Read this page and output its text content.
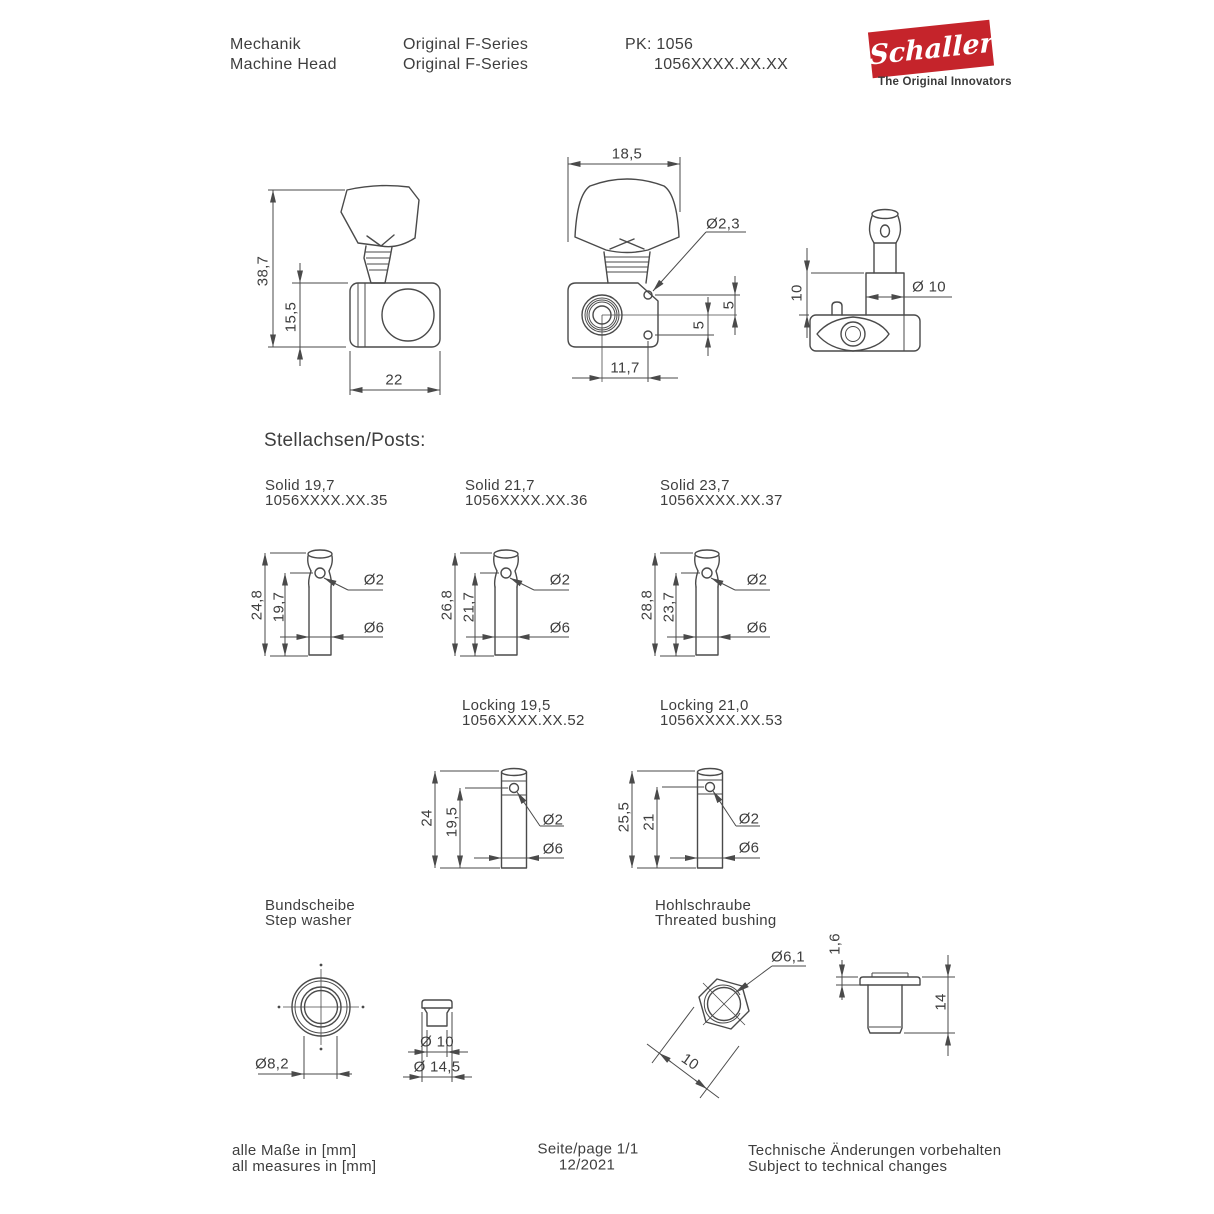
Mechanik
Machine Head
Original F-Series
Original F-Series
PK: 1056
1056XXXX.XX.XX	Schaller
The Original Innovators
38,7
15,5
22
18,5
Ø2,3
5
5
11,7
10	Ø 10
Stellachsen/Posts:
Solid 19,7
1056XXXX.XX.35
Solid 21,7
1056XXXX.XX.36
Solid 23,7
1056XXXX.XX.37
24,8 19,7
Ø2
Ø6
26,8 21,7
Ø2
Ø6
28,8 23,7
Ø2
Ø6
Locking 19,5
1056XXXX.XX.52
Locking 21,0
1056XXXX.XX.53
24 19,5	Ø2
Ø6
25,5 21	Ø2
Ø6
Bundscheibe
Step washer
Hohlschraube
Threated bushing
Ø8,2
Ø 10
Ø 14,5
Ø6,1
10
1,6
14
alle Maße in [mm]
all measures in [mm]
Seite/page 1/1
12/2021
Technische Änderungen vorbehalten
Subject to technical changes
